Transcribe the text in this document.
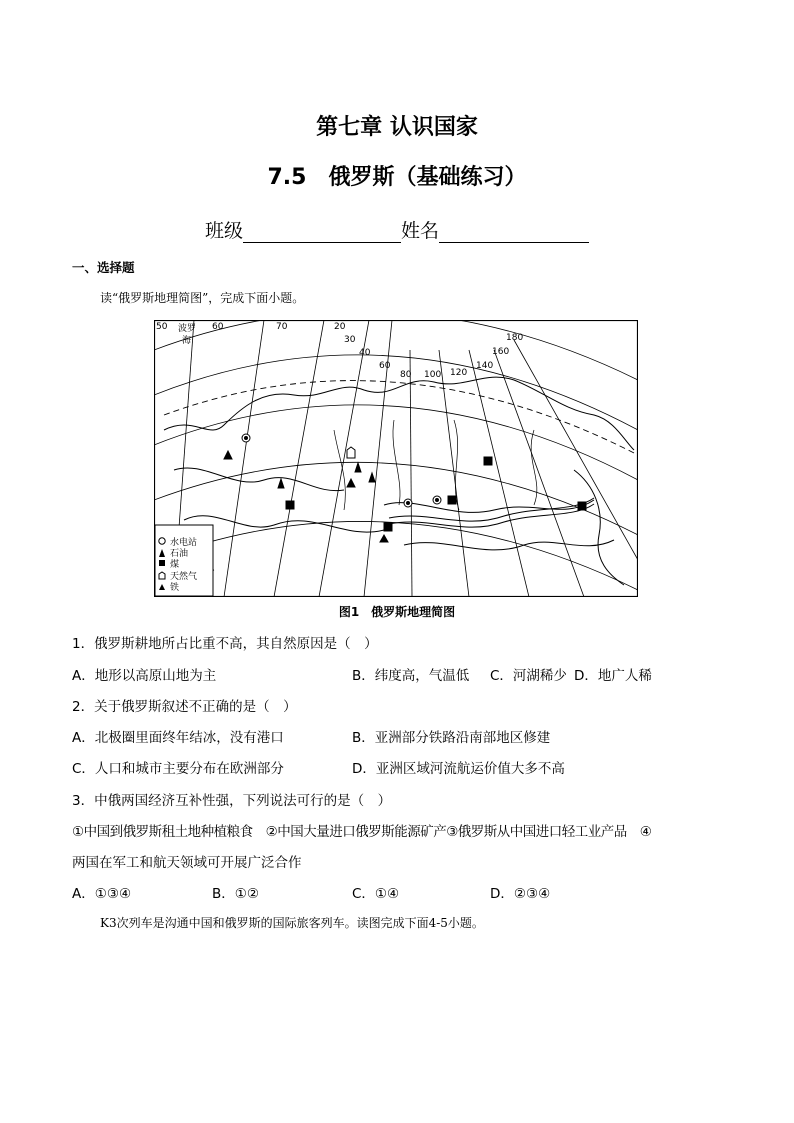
第七章 认识国家
7.5　俄罗斯（基础练习）
班级	姓名
一、选择题
读“俄罗斯地理简图”，完成下面小题。
50	60	70	20
30
40
60
80 100 120
140
160
180
波罗
海
水电站
石油
煤
天然气
铁
图1　俄罗斯地理简图
1．俄罗斯耕地所占比重不高，其自然原因是（　）
A．地形以高原山地为主	B．纬度高，气温低 C．河湖稀少 D．地广人稀
2．关于俄罗斯叙述不正确的是（　）
A．北极圈里面终年结冰，没有港口	B．亚洲部分铁路沿南部地区修建
C．人口和城市主要分布在欧洲部分	D．亚洲区域河流航运价值大多不高
3．中俄两国经济互补性强，下列说法可行的是（　）
①中国到俄罗斯租土地种植粮食　②中国大量进口俄罗斯能源矿产③俄罗斯从中国进口轻工业产品　④
两国在军工和航天领域可开展广泛合作
A．①③④	B．①②	C．①④	D．②③④
K3次列车是沟通中国和俄罗斯的国际旅客列车。读图完成下面4-5小题。
